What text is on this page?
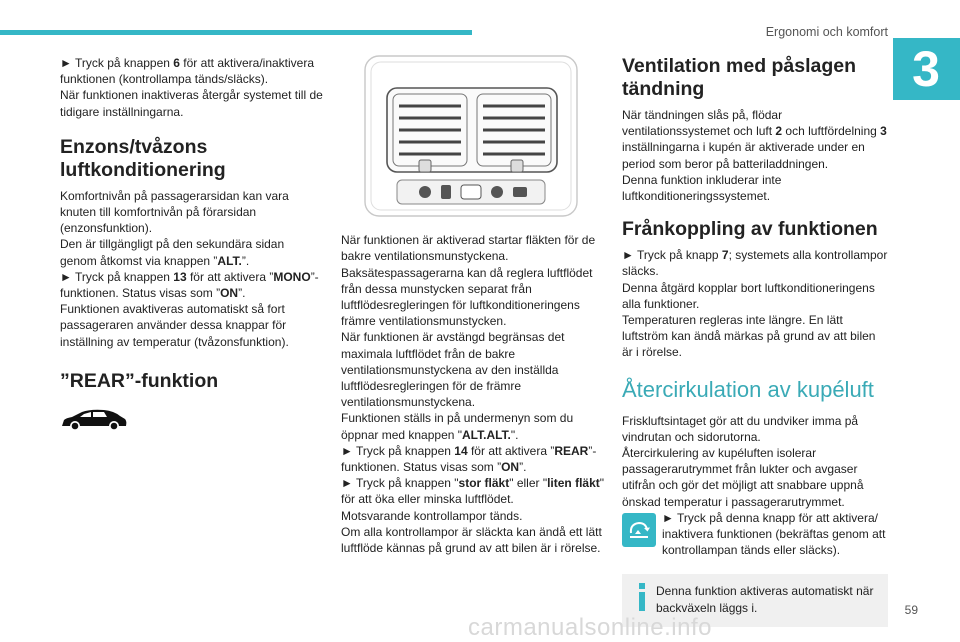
Ergonomi och komfort
3

► Tryck på knappen 6 för att aktivera/inaktivera funktionen (kontrollampa tänds/släcks).
När funktionen inaktiveras återgår systemet till de tidigare inställningarna.

Enzons/tvåzons luftkonditionering

Komfortnivån på passagerarsidan kan vara knuten till komfortnivån på förarsidan (enzonsfunktion).
Den är tillgängligt på den sekundära sidan genom åtkomst via knappen ”ALT.”.
► Tryck på knappen 13 för att aktivera ”MONO”-funktionen. Status visas som ”ON”.
Funktionen avaktiveras automatiskt så fort passageraren använder dessa knappar för inställning av temperatur (tvåzonsfunktion).

”REAR”-funktion

När funktionen är aktiverad startar fläkten för de bakre ventilationsmunstyckena.
Baksätespassagerarna kan då reglera luftflödet från dessa munstycken separat från luftflödesregleringen för luftkonditioneringens främre ventilationsmunstycken.
När funktionen är avstängd begränsas det maximala luftflödet från de bakre ventilationsmunstyckena av den inställda luftflödesregleringen för de främre ventilationsmunstyckena.
Funktionen ställs in på undermenyn som du öppnar med knappen "ALT.ALT.".
► Tryck på knappen 14 för att aktivera ”REAR”-funktionen. Status visas som ”ON”.
► Tryck på knappen "stor fläkt" eller "liten fläkt" för att öka eller minska luftflödet.
Motsvarande kontrollampor tänds.
Om alla kontrollampor är släckta kan ändå ett lätt luftflöde kännas på grund av att bilen är i rörelse.

Ventilation med påslagen tändning

När tändningen slås på, flödar ventilationssystemet och luft 2 och luftfördelning 3 inställningarna i kupén är aktiverade under en period som beror på batteriladdningen.
Denna funktion inkluderar inte luftkonditioneringssystemet.

Frånkoppling av funktionen

► Tryck på knapp 7; systemets alla kontrollampor släcks.
Denna åtgärd kopplar bort luftkonditioneringens alla funktioner.
Temperaturen regleras inte längre. En lätt luftström kan ändå märkas på grund av att bilen är i rörelse.

Återcirkulation av kupéluft

Friskluftsintaget gör att du undviker imma på vindrutan och sidorutorna.
Återcirkulering av kupéluften isolerar passagerarutrymmet från lukter och avgaser utifrån och gör det möjligt att snabbare uppnå önskad temperatur i passagerarutrymmet.

► Tryck på denna knapp för att aktivera/ inaktivera funktionen (bekräftas genom att kontrollampan tänds eller släcks).

Denna funktion aktiveras automatiskt när backväxeln läggs i.	59
carmanualsonline.info
